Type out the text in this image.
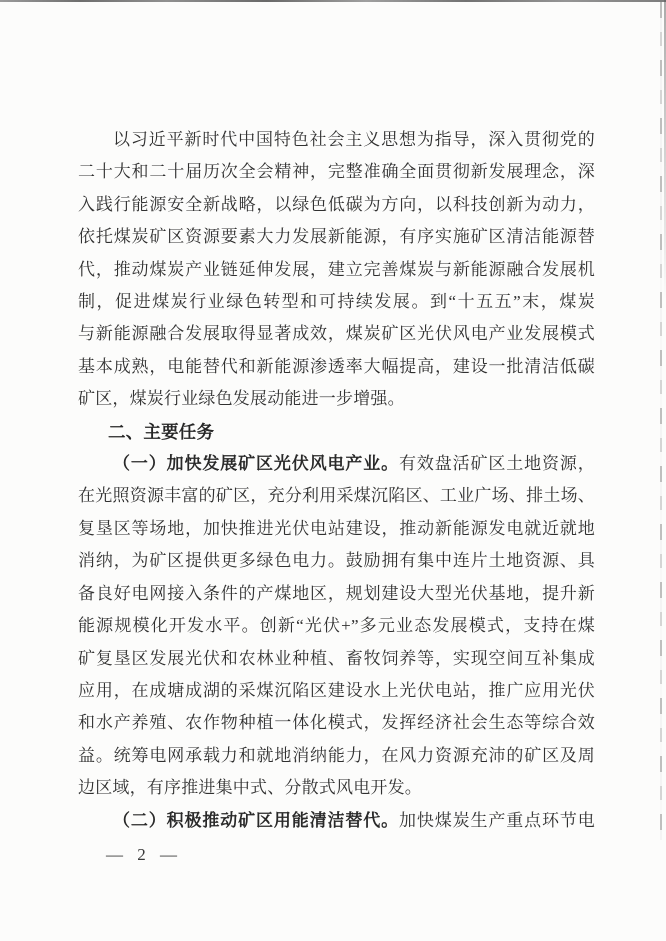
以习近平新时代中国特色社会主义思想为指导，深入贯彻党的
二十大和二十届历次全会精神，完整准确全面贯彻新发展理念，深
入践行能源安全新战略，以绿色低碳为方向，以科技创新为动力，
依托煤炭矿区资源要素大力发展新能源，有序实施矿区清洁能源替
代，推动煤炭产业链延伸发展，建立完善煤炭与新能源融合发展机
制，促进煤炭行业绿色转型和可持续发展。到“十五五”末，煤炭
与新能源融合发展取得显著成效，煤炭矿区光伏风电产业发展模式
基本成熟，电能替代和新能源渗透率大幅提高，建设一批清洁低碳
矿区，煤炭行业绿色发展动能进一步增强。
二、主要任务
（一）加快发展矿区光伏风电产业。有效盘活矿区土地资源，
在光照资源丰富的矿区，充分利用采煤沉陷区、工业广场、排土场、
复垦区等场地，加快推进光伏电站建设，推动新能源发电就近就地
消纳，为矿区提供更多绿色电力。鼓励拥有集中连片土地资源、具
备良好电网接入条件的产煤地区，规划建设大型光伏基地，提升新
能源规模化开发水平。创新“光伏+”多元业态发展模式，支持在煤
矿复垦区发展光伏和农林业种植、畜牧饲养等，实现空间互补集成
应用，在成塘成湖的采煤沉陷区建设水上光伏电站，推广应用光伏
和水产养殖、农作物种植一体化模式，发挥经济社会生态等综合效
益。统筹电网承载力和就地消纳能力，在风力资源充沛的矿区及周
边区域，有序推进集中式、分散式风电开发。
（二）积极推动矿区用能清洁替代。加快煤炭生产重点环节电
— 2 —
